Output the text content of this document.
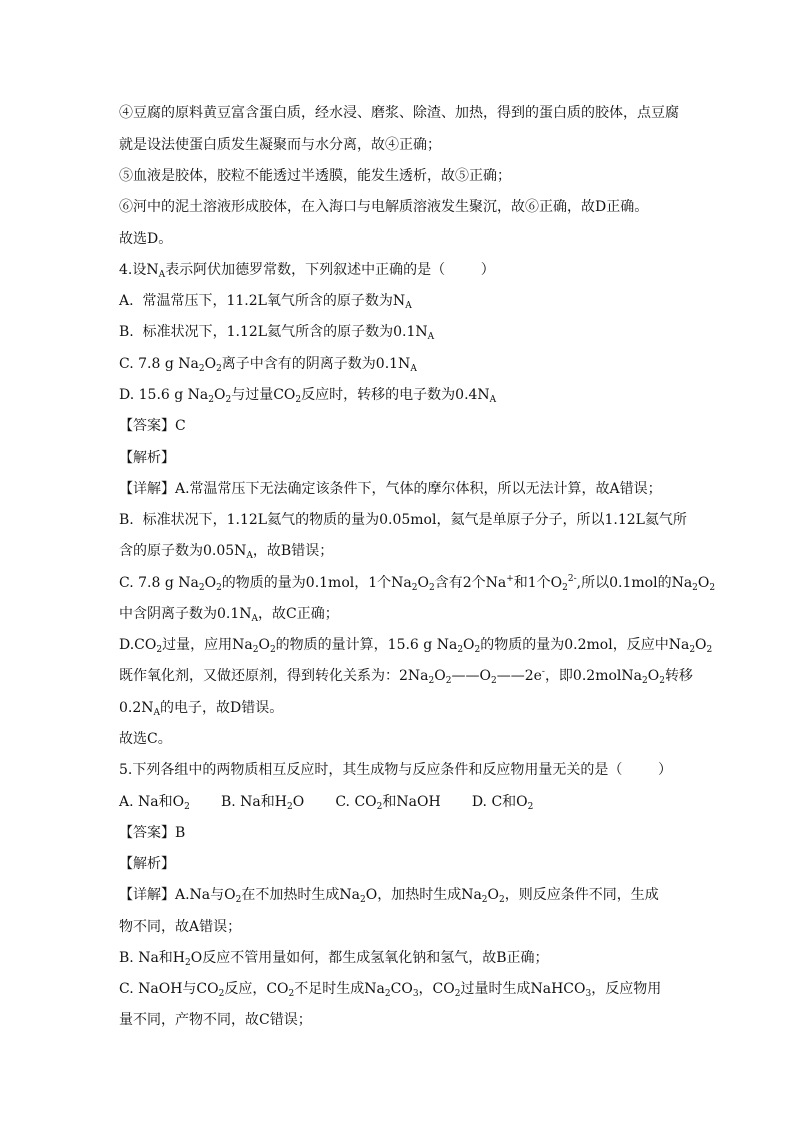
④豆腐的原料黄豆富含蛋白质，经水浸、磨浆、除渣、加热，得到的蛋白质的胶体，点豆腐
就是设法使蛋白质发生凝聚而与水分离，故④正确；
⑤血液是胶体，胶粒不能透过半透膜，能发生透析，故⑤正确；
⑥河中的泥土溶液形成胶体，在入海口与电解质溶液发生聚沉，故⑥正确，故D正确。
故选D。
4.设$N_A$表示阿伏加德罗常数，下列叙述中正确的是（        ）
A.  常温常压下，11.2L氧气所含的原子数为$N_A$
B.  标准状况下，1.12L氦气所含的原子数为$0.1N_A$
C. 7.8 g $Na_2O_2$离子中含有的阴离子数为$0.1N_A$
D. 15.6 g $Na_2O_2$与过量$CO_2$反应时，转移的电子数为$0.4N_A$
【答案】C
【解析】
【详解】A.常温常压下无法确定该条件下，气体的摩尔体积，所以无法计算，故A错误；
B.  标准状况下，1.12L氦气的物质的量为0.05mol，氦气是单原子分子，所以1.12L氦气所
含的原子数为$0.05N_A$，故B错误；
C. 7.8 g $Na_2O_2$的物质的量为0.1mol，1个$Na_2O_2$含有2个Na+和1个$O_2^{2-}$,所以0.1mol的$Na_2O_2$
中含阴离子数为$0.1N_A$，故C正确；
$D.CO_2$过量，应用$Na_2O_2$的物质的量计算，15.6 g $Na_2O_2$的物质的量为0.2mol，反应中$Na_2O_2$
既作氧化剂，又做还原剂，得到转化关系为：$2Na_2O_2——O_2——2e^-$，即$0.2molNa_2O_2$转移
$0.2N_A$的电子，故D错误。
故选C。
5.下列各组中的两物质相互反应时，其生成物与反应条件和反应物用量无关的是（        ）
A. Na和$O_2$       B. Na和$H_2O$       C. $CO_2$和NaOH       D. C和$O_2$
【答案】B
【解析】
【详解】A.Na与$O_2$在不加热时生成$Na_2O$，加热时生成$Na_2O_2$，则反应条件不同，生成
物不同，故A错误；
B. Na和$H_2O$反应不管用量如何，都生成氢氧化钠和氢气，故B正确；
C. NaOH与$CO_2$反应，$CO_2$不足时生成$Na_2CO_3$，$CO_2$过量时生成NaHCO$_3$，反应物用
量不同，产物不同，故C错误；
